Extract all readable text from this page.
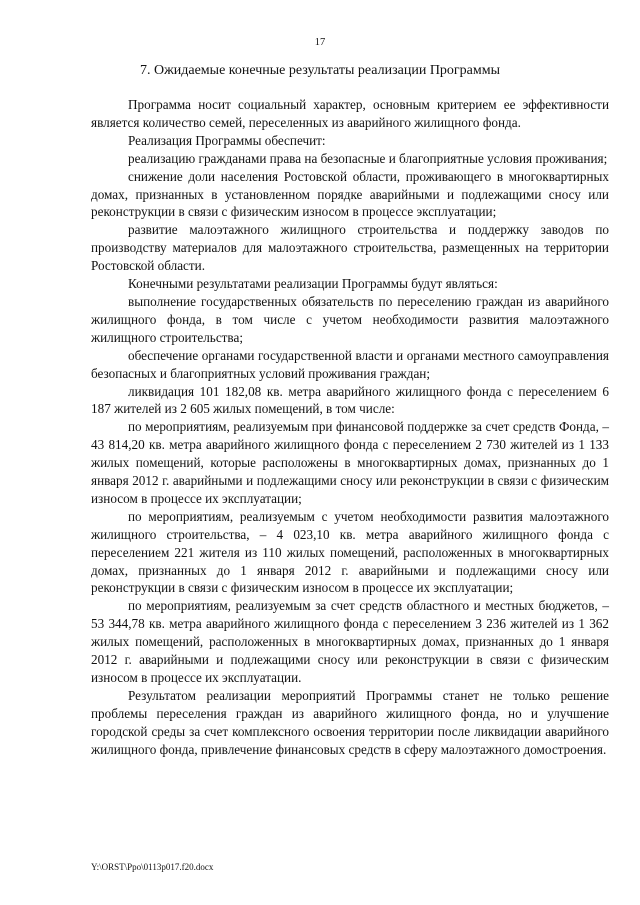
17
7. Ожидаемые конечные результаты реализации Программы

Программа носит социальный характер, основным критерием ее эффективности является количество семей, переселенных из аварийного жилищного фонда.

Реализация Программы обеспечит:

реализацию гражданами права на безопасные и благоприятные условия проживания;

снижение доли населения Ростовской области, проживающего в многоквартирных домах, признанных в установленном порядке аварийными и подлежащими сносу или реконструкции в связи с физическим износом в процессе эксплуатации;

развитие малоэтажного жилищного строительства и поддержку заводов по производству материалов для малоэтажного строительства, размещенных на территории Ростовской области.

Конечными результатами реализации Программы будут являться:

выполнение государственных обязательств по переселению граждан из аварийного жилищного фонда, в том числе с учетом необходимости развития малоэтажного жилищного строительства;

обеспечение органами государственной власти и органами местного самоуправления безопасных и благоприятных условий проживания граждан;

ликвидация 101 182,08 кв. метра аварийного жилищного фонда с переселением 6 187 жителей из 2 605 жилых помещений, в том числе:

по мероприятиям, реализуемым при финансовой поддержке за счет средств Фонда, – 43 814,20 кв. метра аварийного жилищного фонда с переселением 2 730 жителей из 1 133 жилых помещений, которые расположены в многоквартирных домах, признанных до 1 января 2012 г. аварийными и подлежащими сносу или реконструкции в связи с физическим износом в процессе их эксплуатации;

по мероприятиям, реализуемым с учетом необходимости развития малоэтажного жилищного строительства, – 4 023,10 кв. метра аварийного жилищного фонда с переселением 221 жителя из 110 жилых помещений, расположенных в многоквартирных домах, признанных до 1 января 2012 г. аварийными и подлежащими сносу или реконструкции в связи с физическим износом в процессе их эксплуатации;

по мероприятиям, реализуемым за счет средств областного и местных бюджетов, – 53 344,78 кв. метра аварийного жилищного фонда с переселением 3 236 жителей из 1 362 жилых помещений, расположенных в многоквартирных домах, признанных до 1 января 2012 г. аварийными и подлежащими сносу или реконструкции в связи с физическим износом в процессе их эксплуатации.

Результатом реализации мероприятий Программы станет не только решение проблемы переселения граждан из аварийного жилищного фонда, но и улучшение городской среды за счет комплексного освоения территории после ликвидации аварийного жилищного фонда, привлечение финансовых средств в сферу малоэтажного домостроения.

Y:\ORST\Ppo\0113p017.f20.docx
